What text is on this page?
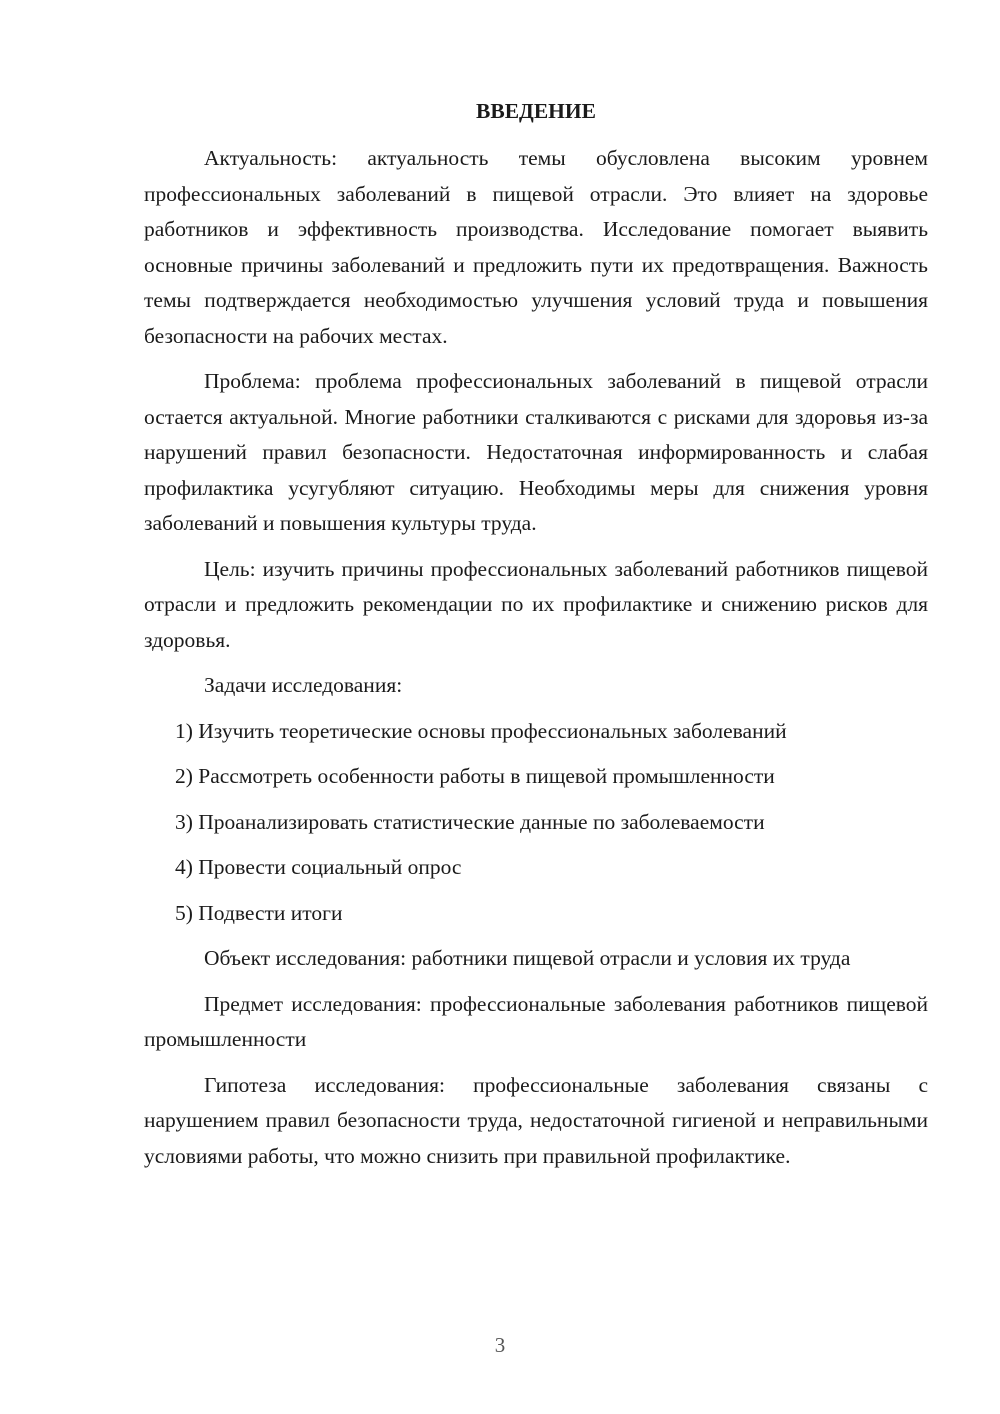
ВВЕДЕНИЕ

Актуальность: актуальность темы обусловлена высоким уровнем профессиональных заболеваний в пищевой отрасли. Это влияет на здоровье работников и эффективность производства. Исследование помогает выявить основные причины заболеваний и предложить пути их предотвращения. Важность темы подтверждается необходимостью улучшения условий труда и повышения безопасности на рабочих местах.

Проблема: проблема профессиональных заболеваний в пищевой отрасли остается актуальной. Многие работники сталкиваются с рисками для здоровья из-за нарушений правил безопасности. Недостаточная информированность и слабая профилактика усугубляют ситуацию. Необходимы меры для снижения уровня заболеваний и повышения культуры труда.

Цель: изучить причины профессиональных заболеваний работников пищевой отрасли и предложить рекомендации по их профилактике и снижению рисков для здоровья.

Задачи исследования:

1) Изучить теоретические основы профессиональных заболеваний
2) Рассмотреть особенности работы в пищевой промышленности
3) Проанализировать статистические данные по заболеваемости
4) Провести социальный опрос
5) Подвести итоги

Объект исследования: работники пищевой отрасли и условия их труда

Предмет исследования: профессиональные заболевания работников пищевой промышленности

Гипотеза исследования: профессиональные заболевания связаны с нарушением правил безопасности труда, недостаточной гигиеной и неправильными условиями работы, что можно снизить при правильной профилактике.

3
